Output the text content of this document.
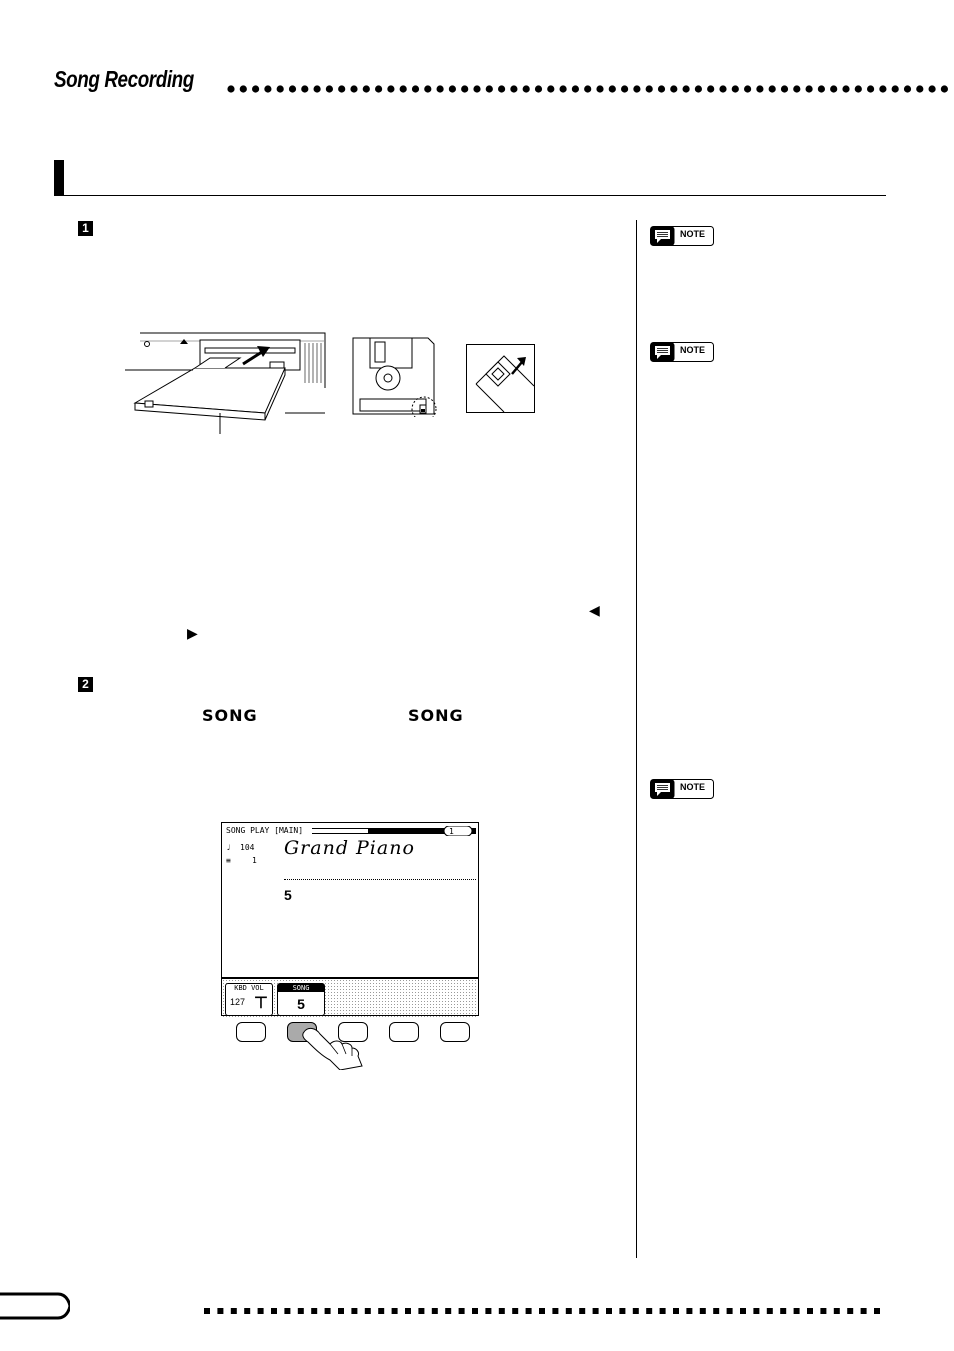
Song Recording
1
◀
▶
2
SONG	SONG
SONG PLAY [MAIN]	1
♩ 104
≡	1
Grand Piano
5
KBD VOL
127 ⊤
SONG
5
NOTE
NOTE
NOTE
